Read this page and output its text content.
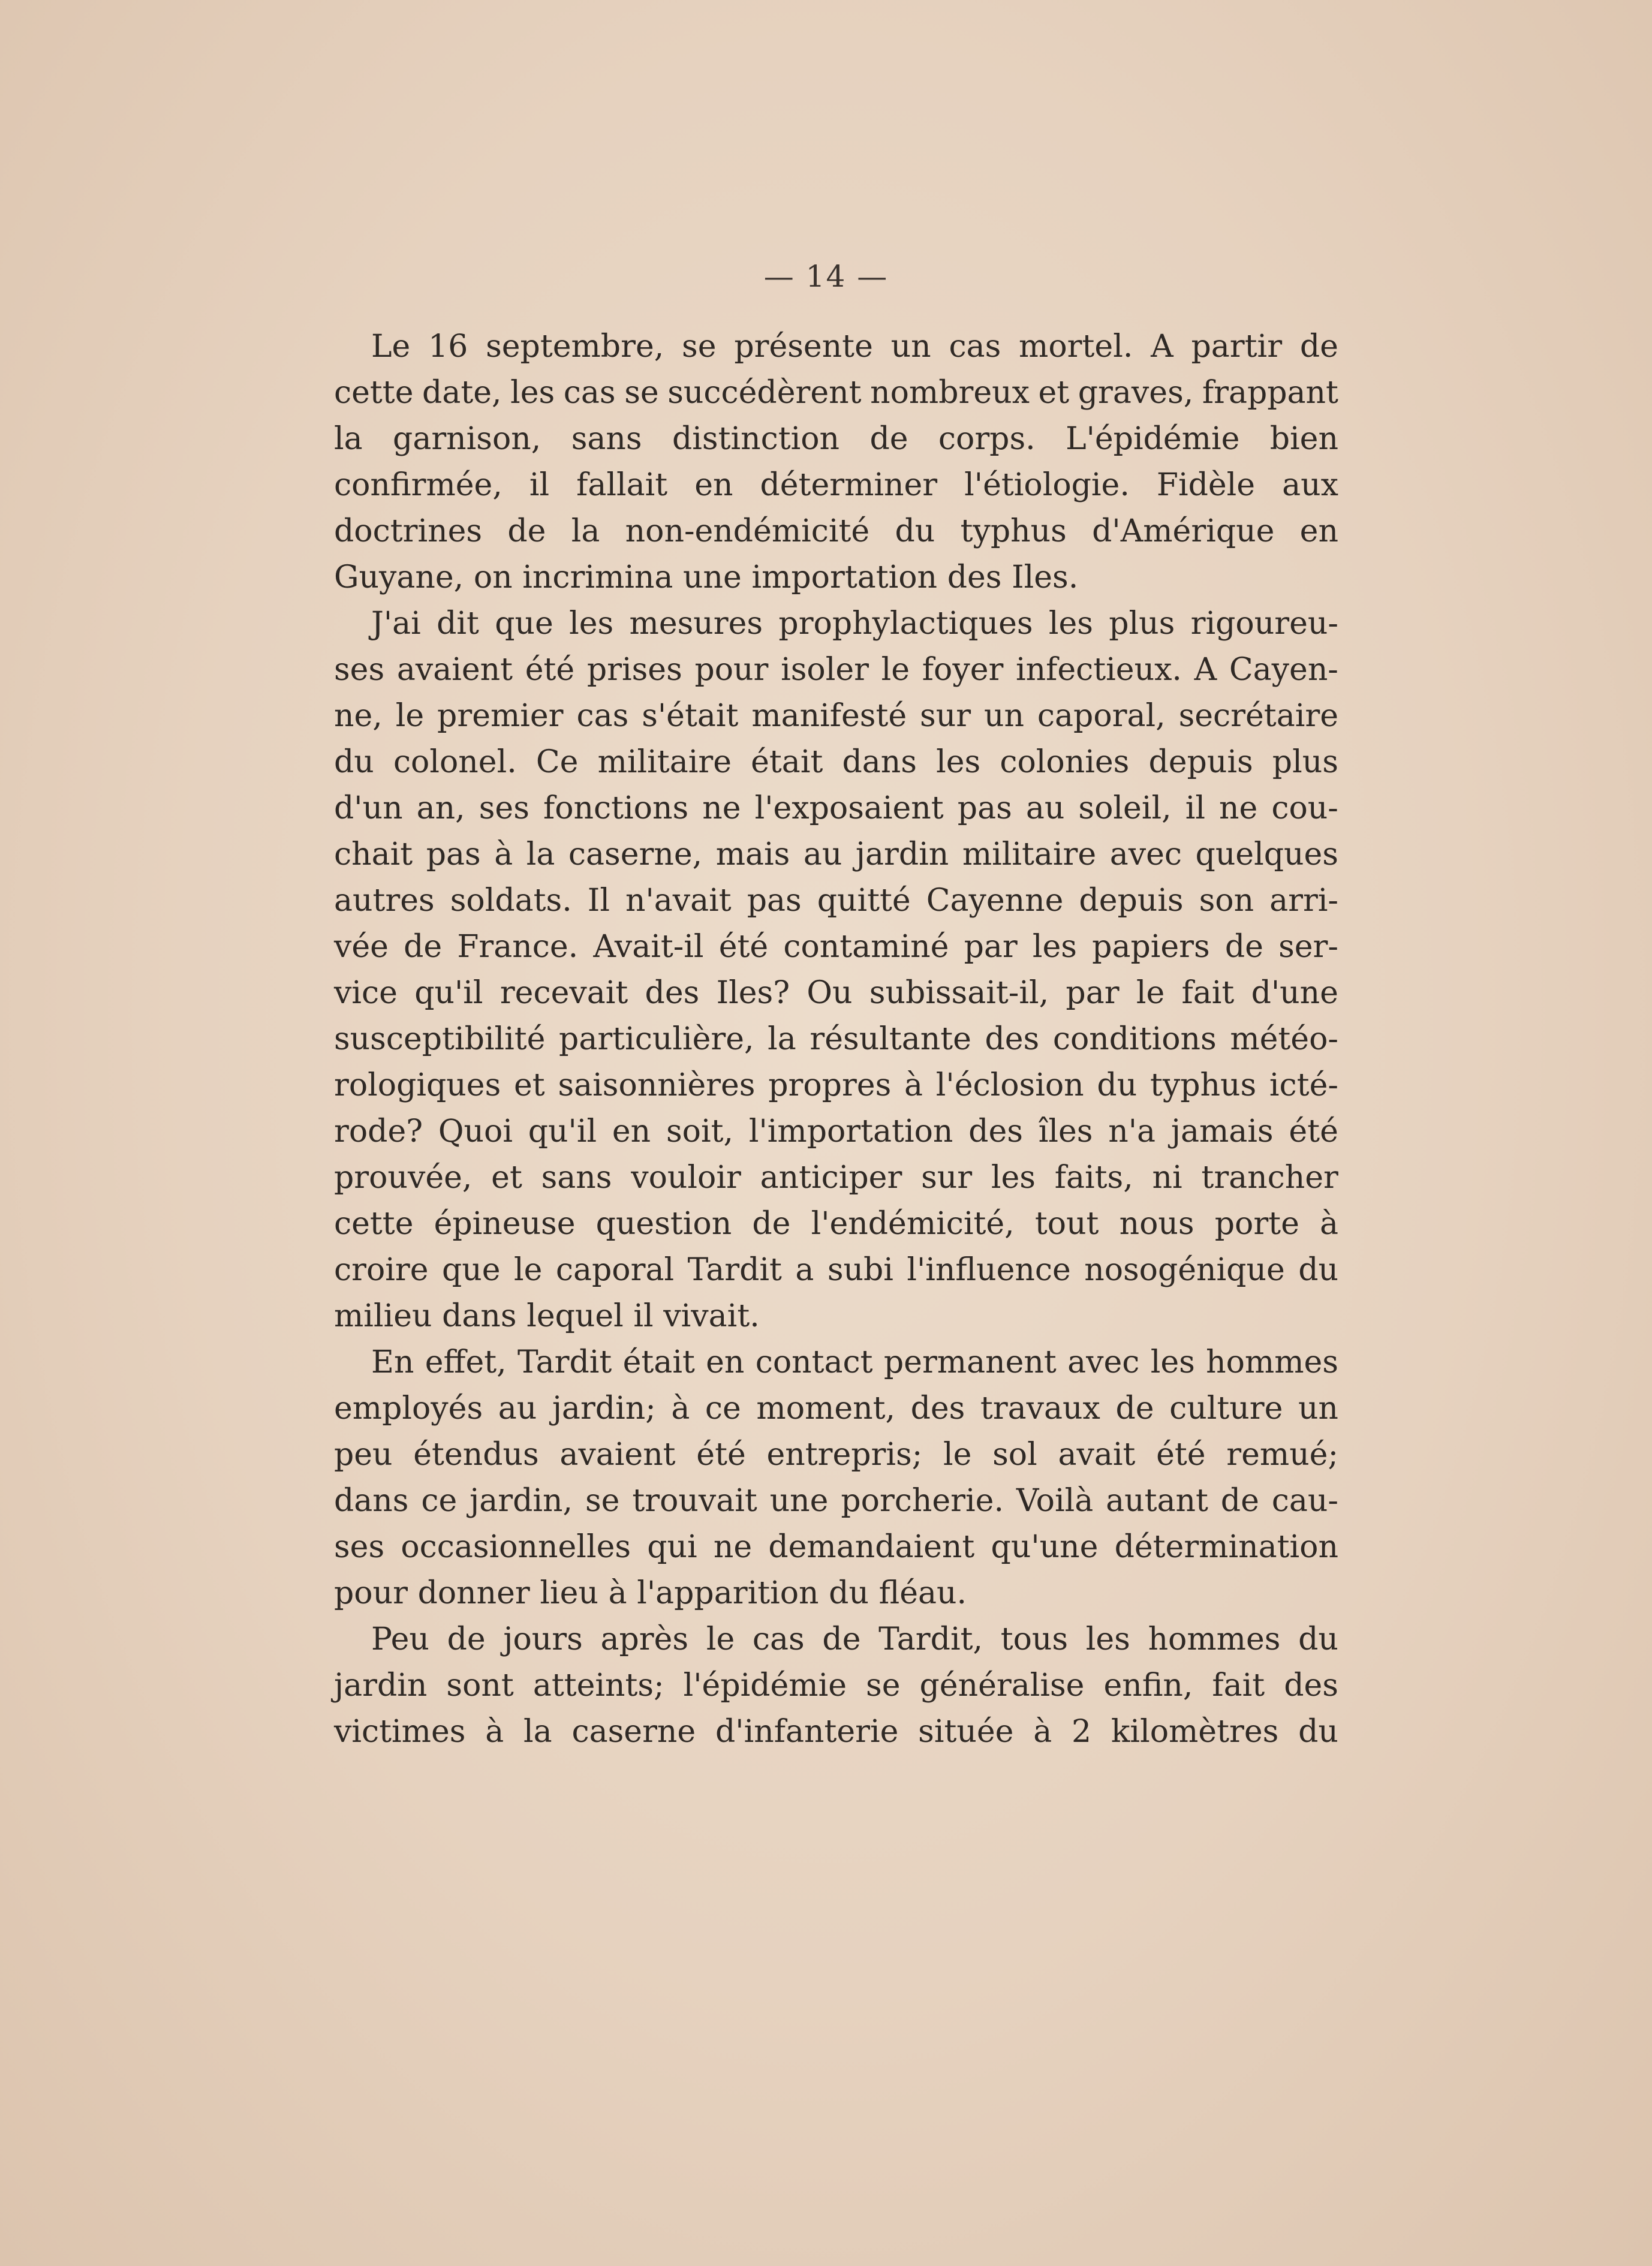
— 14 —
Le 16 septembre, se présente un cas mortel. A partir de
cette date, les cas se succédèrent nombreux et graves, frappant
la garnison, sans distinction de corps. L'épidémie bien
confirmée, il fallait en déterminer l'étiologie. Fidèle aux
doctrines de la non-endémicité du typhus d'Amérique en
Guyane, on incrimina une importation des Iles.
J'ai dit que les mesures prophylactiques les plus rigoureu-
ses avaient été prises pour isoler le foyer infectieux. A Cayen-
ne, le premier cas s'était manifesté sur un caporal, secrétaire
du colonel. Ce militaire était dans les colonies depuis plus
d'un an, ses fonctions ne l'exposaient pas au soleil, il ne cou-
chait pas à la caserne, mais au jardin militaire avec quelques
autres soldats. Il n'avait pas quitté Cayenne depuis son arri-
vée de France. Avait-il été contaminé par les papiers de ser-
vice qu'il recevait des Iles? Ou subissait-il, par le fait d'une
susceptibilité particulière, la résultante des conditions météo-
rologiques et saisonnières propres à l'éclosion du typhus icté-
rode? Quoi qu'il en soit, l'importation des îles n'a jamais été
prouvée, et sans vouloir anticiper sur les faits, ni trancher
cette épineuse question de l'endémicité, tout nous porte à
croire que le caporal Tardit a subi l'influence nosogénique du
milieu dans lequel il vivait.
En effet, Tardit était en contact permanent avec les hommes
employés au jardin; à ce moment, des travaux de culture un
peu étendus avaient été entrepris; le sol avait été remué;
dans ce jardin, se trouvait une porcherie. Voilà autant de cau-
ses occasionnelles qui ne demandaient qu'une détermination
pour donner lieu à l'apparition du fléau.
Peu de jours après le cas de Tardit, tous les hommes du
jardin sont atteints; l'épidémie se généralise enfin, fait des
victimes à la caserne d'infanterie située à 2 kilomètres du
